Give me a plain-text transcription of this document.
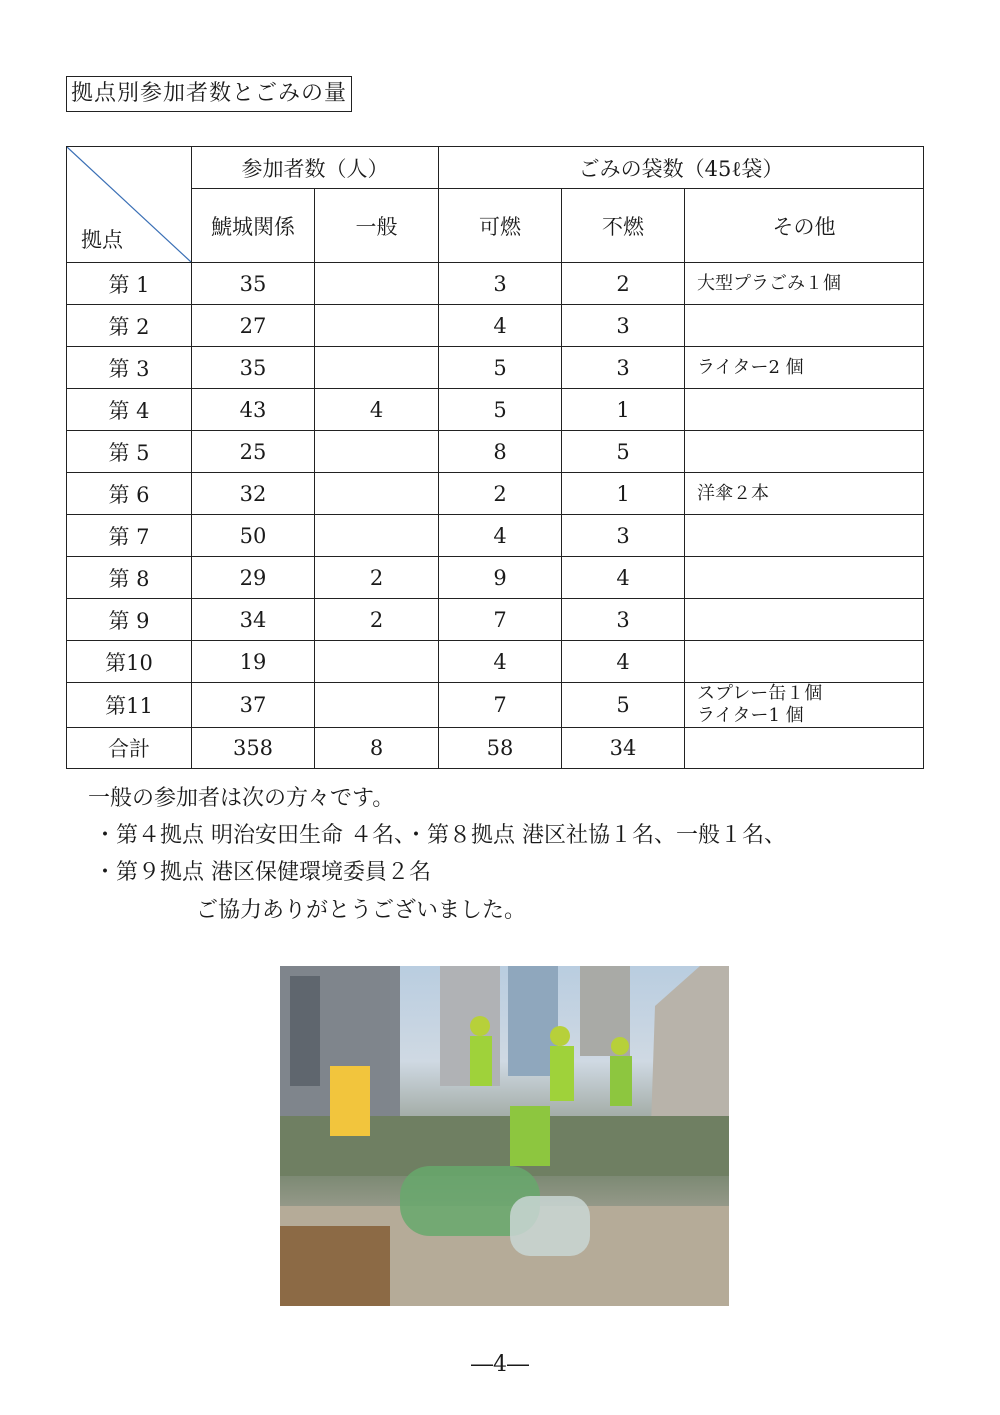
拠点別参加者数とごみの量
拠点	参加者数（人）		ごみの袋数（45ℓ袋）		
	鯱城関係	一般	可燃	不燃	その他
第 1	35		3	2	大型プラごみ１個

第 2	27		4	3	

第 3	35		5	3	ライター2 個

第 4	43	4	5	1	

第 5	25		8	5	

第 6	32		2	1	洋傘２本

第 7	50		4	3	

第 8	29	2	9	4	

第 9	34	2	7	3	

第10	19		4	4	

第11	37		7	5	スプレー缶１個
ライター1 個

合計	358	8	58	34	
一般の参加者は次の方々です。
・第４拠点 明治安田生命 ４名、・第８拠点 港区社協１名、一般１名、
・第９拠点 港区保健環境委員２名
ご協力ありがとうございました。
―4―
